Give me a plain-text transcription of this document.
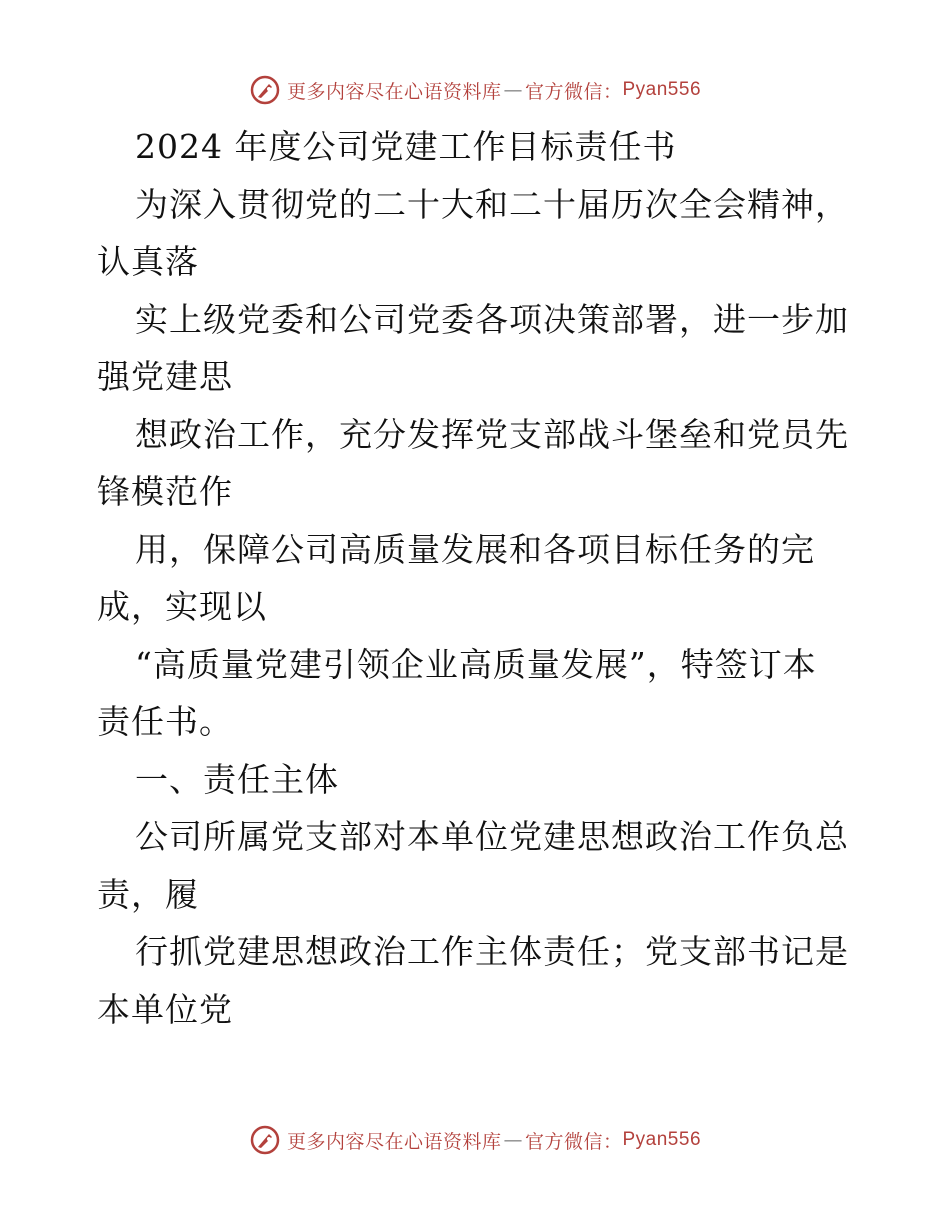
更多内容尽在心语资料库 — 官方微信： Pyan556
2024 年度公司党建工作目标责任书
为深入贯彻党的二十大和二十届历次全会精神，
认真落
实上级党委和公司党委各项决策部署，进一步加
强党建思
想政治工作，充分发挥党支部战斗堡垒和党员先
锋模范作
用，保障公司高质量发展和各项目标任务的完
成，实现以
“高质量党建引领企业高质量发展”，特签订本
责任书。
一、责任主体
公司所属党支部对本单位党建思想政治工作负总
责，履
行抓党建思想政治工作主体责任；党支部书记是
本单位党
更多内容尽在心语资料库 — 官方微信： Pyan556
